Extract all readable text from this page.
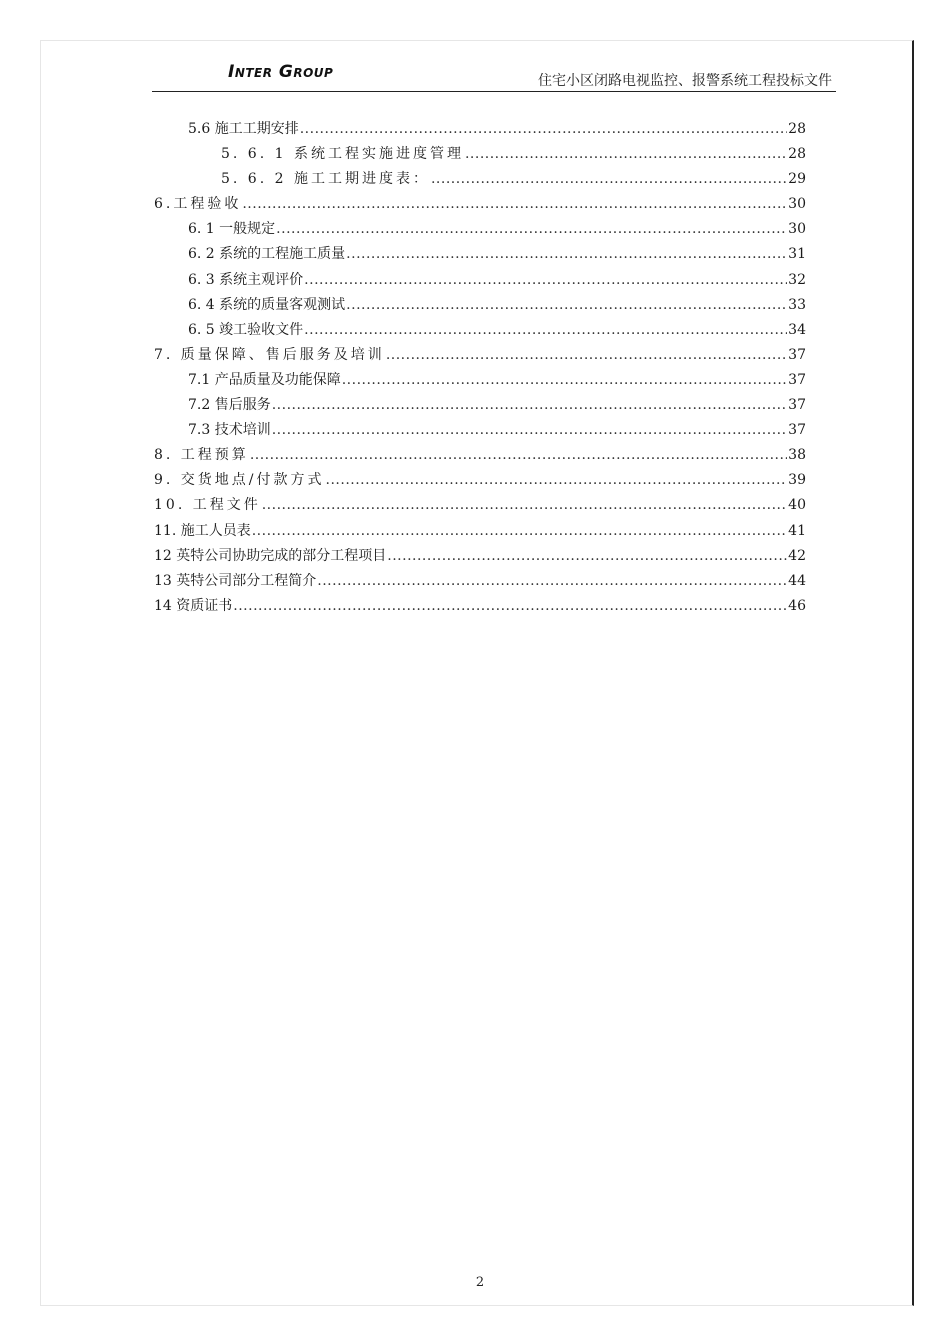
Inter Group	住宅小区闭路电视监控、报警系统工程投标文件
5.6 施工工期安排 .....	28
5. 6. 1 系统工程实施进度管理 .....	28
5. 6. 2 施工工期进度表： .....	29
6.工程验收 .....	30
6. 1 一般规定 .....	30
6. 2 系统的工程施工质量 .....	31
6. 3 系统主观评价 .....	32
6. 4 系统的质量客观测试 .....	33
6. 5 竣工验收文件 .....	34
7. 质量保障、售后服务及培训 .....	37
7.1 产品质量及功能保障 .....	37
7.2 售后服务 .....	37
7.3 技术培训 .....	37
8. 工程预算 .....	38
9. 交货地点/付款方式 .....	39
10. 工程文件 .....	40
11. 施工人员表 .....	41
12 英特公司协助完成的部分工程项目 .....	42
13 英特公司部分工程简介 .....	44
14 资质证书 .....	46
2
